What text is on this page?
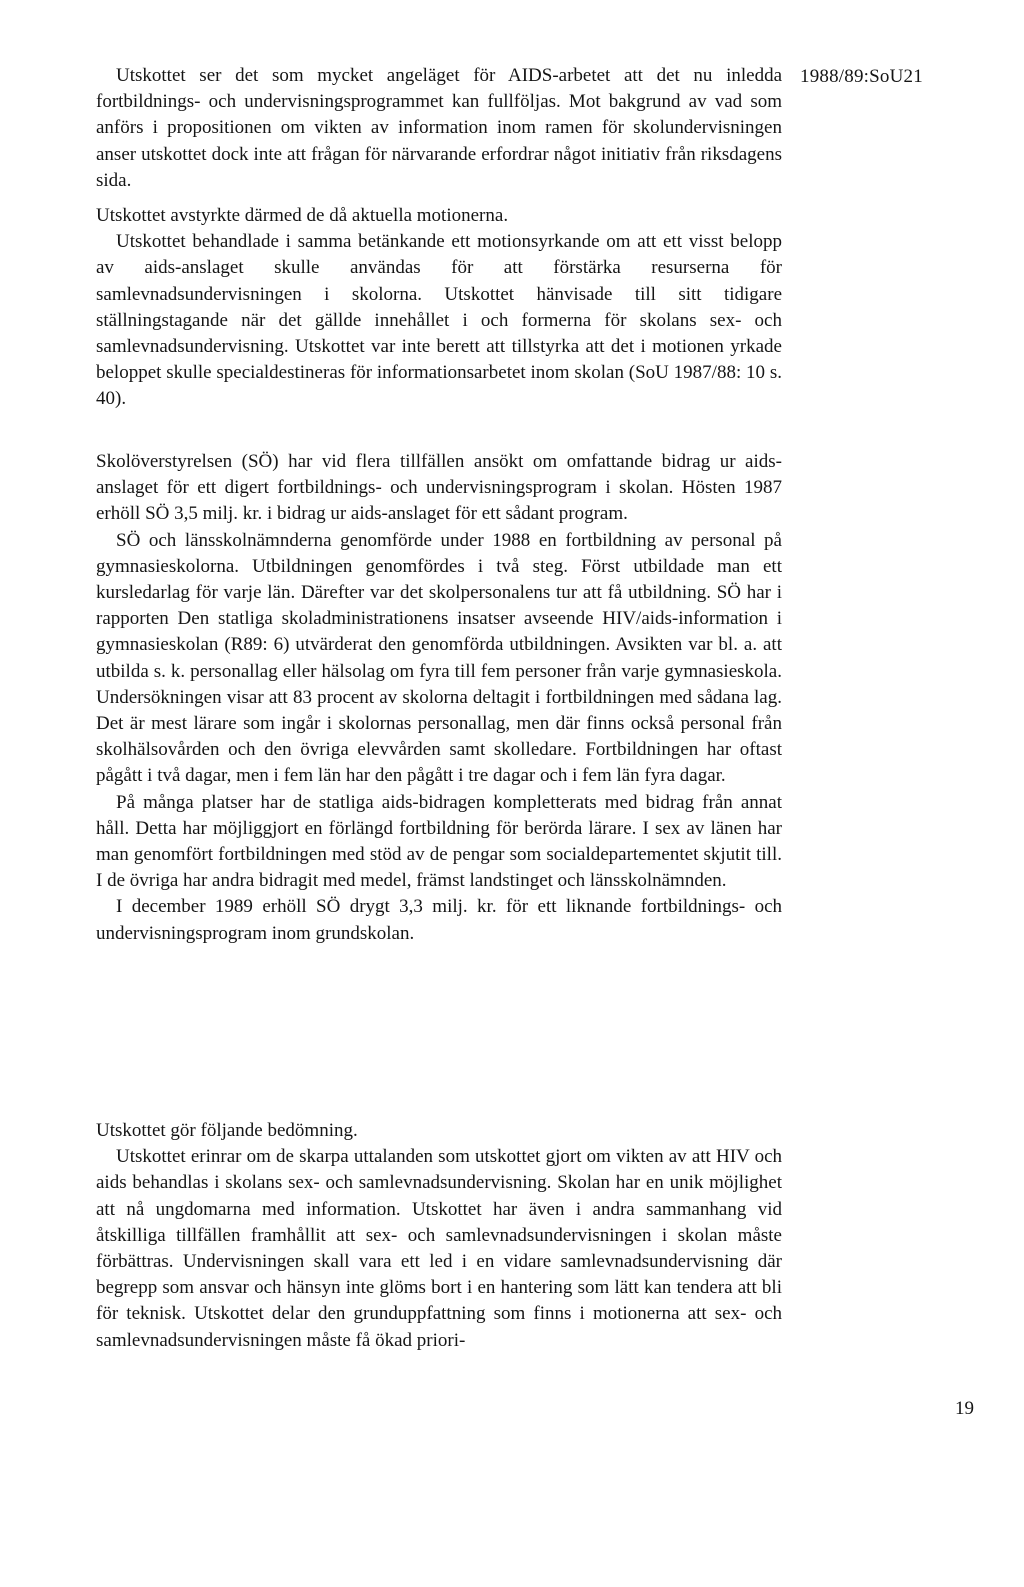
1988/89:SoU21

Utskottet ser det som mycket angeläget för AIDS-arbetet att det nu inledda fortbildnings- och undervisningsprogrammet kan fullföljas. Mot bakgrund av vad som anförs i propositionen om vikten av information inom ramen för skolundervisningen anser utskottet dock inte att frågan för närvarande erfordrar något initiativ från riksdagens sida.

Utskottet avstyrkte därmed de då aktuella motionerna.

Utskottet behandlade i samma betänkande ett motionsyrkande om att ett visst belopp av aids-anslaget skulle användas för att förstärka resurserna för samlevnadsundervisningen i skolorna. Utskottet hänvisade till sitt tidigare ställningstagande när det gällde innehållet i och formerna för skolans sex- och samlevnadsundervisning. Utskottet var inte berett att tillstyrka att det i motionen yrkade beloppet skulle specialdestineras för informationsarbetet inom skolan (SoU 1987/88: 10 s. 40).

Skolöverstyrelsen (SÖ) har vid flera tillfällen ansökt om omfattande bidrag ur aids-anslaget för ett digert fortbildnings- och undervisningsprogram i skolan. Hösten 1987 erhöll SÖ 3,5 milj. kr. i bidrag ur aids-anslaget för ett sådant program.

SÖ och länsskolnämnderna genomförde under 1988 en fortbildning av personal på gymnasieskolorna. Utbildningen genomfördes i två steg. Först utbildade man ett kursledarlag för varje län. Därefter var det skolpersonalens tur att få utbildning. SÖ har i rapporten Den statliga skoladministrationens insatser avseende HIV/aids-information i gymnasieskolan (R89: 6) utvärderat den genomförda utbildningen. Avsikten var bl. a. att utbilda s. k. personallag eller hälsolag om fyra till fem personer från varje gymnasieskola. Undersökningen visar att 83 procent av skolorna deltagit i fortbildningen med sådana lag. Det är mest lärare som ingår i skolornas personallag, men där finns också personal från skolhälsovården och den övriga elevvården samt skolledare. Fortbildningen har oftast pågått i två dagar, men i fem län har den pågått i tre dagar och i fem län fyra dagar.

På många platser har de statliga aids-bidragen kompletterats med bidrag från annat håll. Detta har möjliggjort en förlängd fortbildning för berörda lärare. I sex av länen har man genomfört fortbildningen med stöd av de pengar som socialdepartementet skjutit till. I de övriga har andra bidragit med medel, främst landstinget och länsskolnämnden.

I december 1989 erhöll SÖ drygt 3,3 milj. kr. för ett liknande fortbildnings- och undervisningsprogram inom grundskolan.

Utskottet gör följande bedömning.

Utskottet erinrar om de skarpa uttalanden som utskottet gjort om vikten av att HIV och aids behandlas i skolans sex- och samlevnadsundervisning. Skolan har en unik möjlighet att nå ungdomarna med information. Utskottet har även i andra sammanhang vid åtskilliga tillfällen framhållit att sex- och samlevnadsundervisningen i skolan måste förbättras. Undervisningen skall vara ett led i en vidare samlevnadsundervisning där begrepp som ansvar och hänsyn inte glöms bort i en hantering som lätt kan tendera att bli för teknisk. Utskottet delar den grunduppfattning som finns i motionerna att sex- och samlevnadsundervisningen måste få ökad priori-

19
